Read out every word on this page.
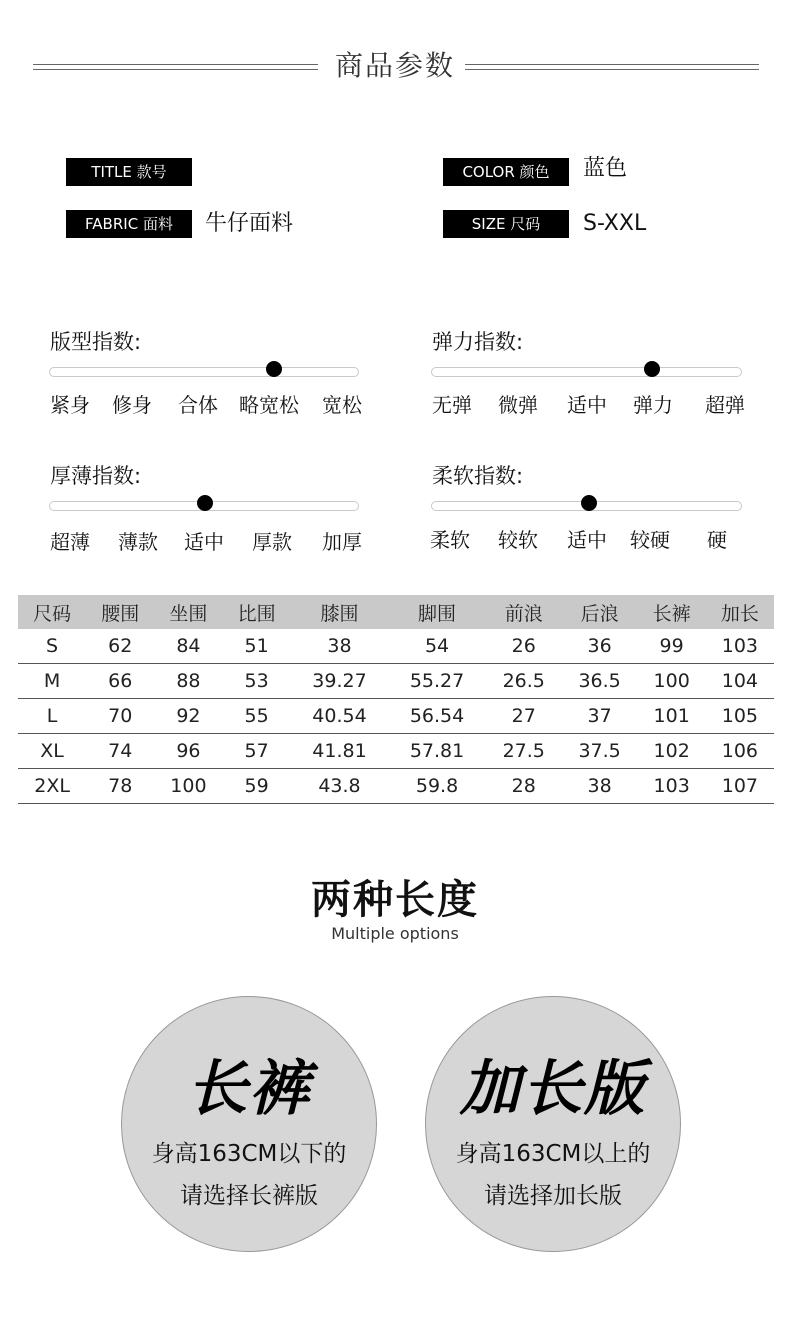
商品参数
TITLE 款号	COLOR 颜色	蓝色
FABRIC 面料	牛仔面料	SIZE 尺码	S-XXL
版型指数:
紧身 修身 合体 略宽松 宽松
弹力指数:
无弹 微弹 适中 弹力 超弹
厚薄指数:
超薄 薄款 适中 厚款 加厚
柔软指数:
柔软 较软 适中 较硬 硬
尺码	腰围	坐围	比围	膝围	脚围	前浪	后浪	长裤	加长
S	62	84	51	38	54	26	36	99	103
M	66	88	53	39.27	55.27	26.5	36.5	100	104
L	70	92	55	40.54	56.54	27	37	101	105
XL	74	96	57	41.81	57.81	27.5	37.5	102	106
2XL	78	100	59	43.8	59.8	28	38	103	107
两种长度
Multiple options
长裤
身高163CM以下的
请选择长裤版
加长版
身高163CM以上的
请选择加长版
